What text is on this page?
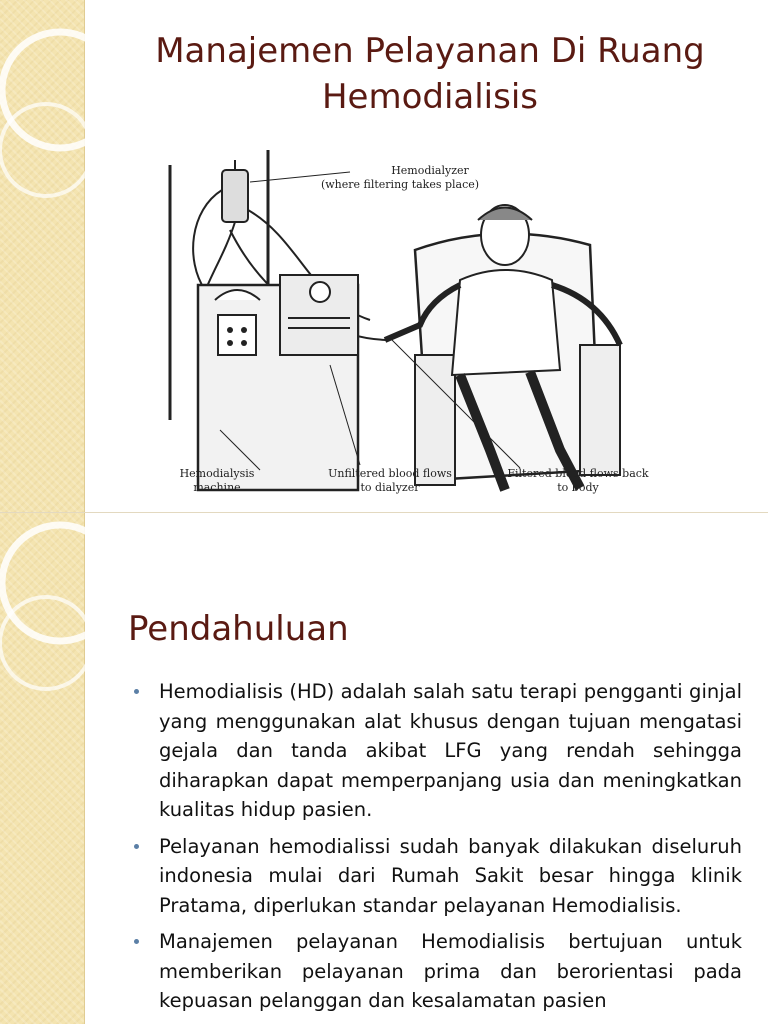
Manajemen Pelayanan Di Ruang Hemodialisis
Hemodialyzer
(where filtering takes place)
Hemodialysis
machine
Unfiltered blood flows
to dialyzer
Filtered blood flows back
to body
Pendahuluan
Hemodialisis (HD) adalah salah satu terapi pengganti ginjal yang menggunakan alat khusus dengan tujuan mengatasi gejala dan tanda akibat LFG yang rendah sehingga diharapkan dapat memperpanjang usia dan meningkatkan kualitas hidup pasien.
Pelayanan hemodialissi sudah banyak dilakukan diseluruh indonesia mulai dari Rumah Sakit besar hingga klinik Pratama, diperlukan standar pelayanan Hemodialisis.
Manajemen pelayanan Hemodialisis bertujuan untuk memberikan pelayanan prima dan berorientasi pada kepuasan pelanggan dan kesalamatan pasien
